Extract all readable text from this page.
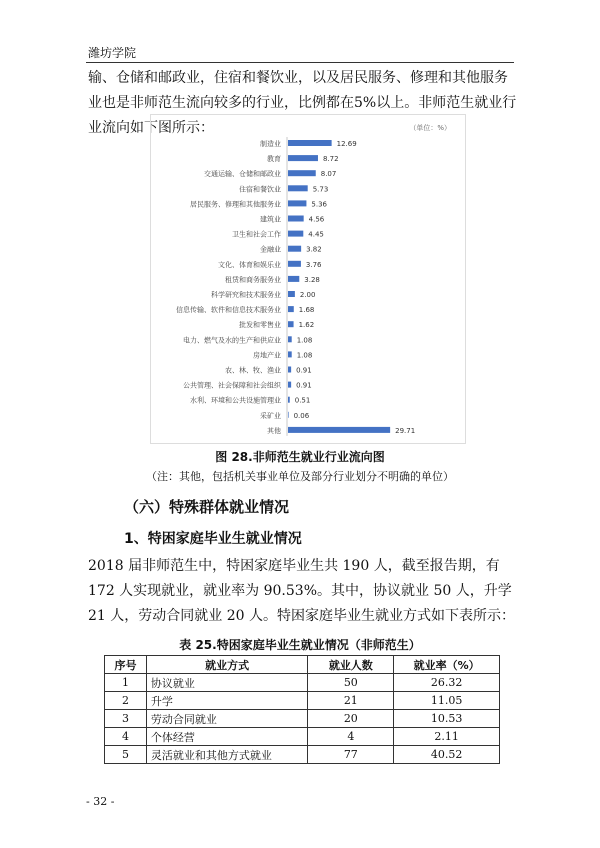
潍坊学院
输、仓储和邮政业，住宿和餐饮业，以及居民服务、修理和其他服务业也是非师范生流向较多的行业，比例都在5%以上。非师范生就业行业流向如下图所示：	（单位：%）
制造业	12.69
教育	8.72
交通运输、仓储和邮政业	8.07
住宿和餐饮业	5.73
居民服务、修理和其他服务业	5.36
建筑业	4.56
卫生和社会工作	4.45
金融业	3.82
文化、体育和娱乐业	3.76
租赁和商务服务业	3.28
科学研究和技术服务业	2.00
信息传输、软件和信息技术服务业	1.68
批发和零售业	1.62
电力、燃气及水的生产和供应业 1.08
房地产业 1.08
农、林、牧、渔业 0.91
公共管理、社会保障和社会组织 0.91
水利、环境和公共设施管理业 0.51
采矿业 0.06
其他	29.71
图 28.非师范生就业行业流向图
（注：其他，包括机关事业单位及部分行业划分不明确的单位）
（六）特殊群体就业情况
1、特困家庭毕业生就业情况
2018 届非师范生中，特困家庭毕业生共 190 人，截至报告期，有 172 人实现就业，就业率为 90.53%。其中，协议就业 50 人，升学 21 人，劳动合同就业 20 人。特困家庭毕业生就业方式如下表所示：
表 25.特困家庭毕业生就业情况（非师范生）
序号	就业方式	就业人数	就业率（%）
1	协议就业	50	26.32
2	升学	21	11.05
3	劳动合同就业	20	10.53
4	个体经营	4	2.11
5	灵活就业和其他方式就业	77	40.52
- 32 -
